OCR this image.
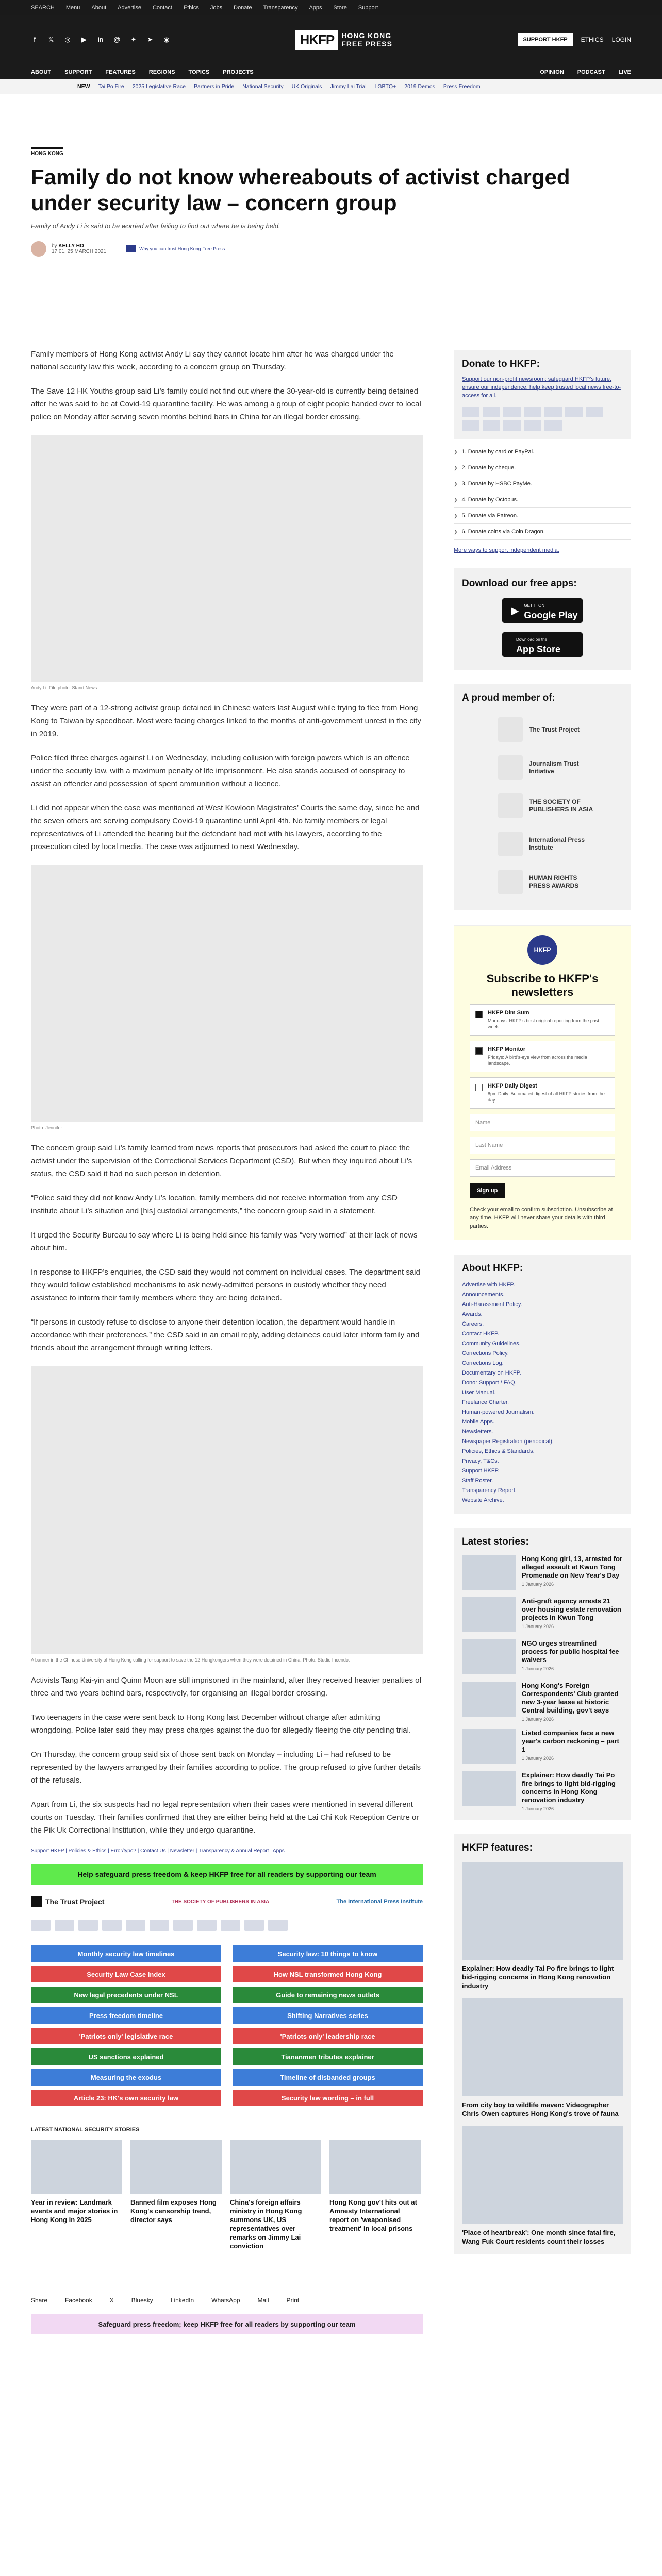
SEARCH Menu About Advertise Contact Ethics Jobs Donate Transparency Apps Store Support
f	𝕏 ◎ ▶ in @ ✦ ➤ ◉	HKFP	HONG KONG
FREE PRESS	SUPPORT HKFP	ETHICS LOGIN
ABOUT SUPPORT FEATURES REGIONS TOPICS PROJECTS	OPINION PODCAST LIVE
NEW Tai Po Fire 2025 Legislative Race Partners in Pride National Security UK Originals Jimmy Lai Trial LGBTQ+ 2019 Demos Press Freedom
HONG KONG
Family do not know whereabouts of activist charged under security law – concern group
Family of Andy Li is said to be worried after failing to find out where he is being held.
by KELLY HO
17:01, 25 MARCH 2021	Why you can trust Hong Kong Free Press

Family members of Hong Kong activist Andy Li say they cannot locate him after he was charged under the national security law this week, according to a concern group on Thursday.

The Save 12 HK Youths group said Li’s family could not find out where the 30-year-old is currently being detained after he was said to be at Covid-19 quarantine facility. He was among a group of eight people handed over to local police on Monday after serving seven months behind bars in China for an illegal border crossing.

Andy Li. File photo: Stand News.

They were part of a 12-strong activist group detained in Chinese waters last August while trying to flee from Hong Kong to Taiwan by speedboat. Most were facing charges linked to the months of anti-government unrest in the city in 2019.

Police filed three charges against Li on Wednesday, including collusion with foreign powers which is an offence under the security law, with a maximum penalty of life imprisonment. He also stands accused of conspiracy to assist an offender and possession of spent ammunition without a licence.

Li did not appear when the case was mentioned at West Kowloon Magistrates’ Courts the same day, since he and the seven others are serving compulsory Covid-19 quarantine until April 4th. No family members or legal representatives of Li attended the hearing but the defendant had met with his lawyers, according to the prosecution cited by local media. The case was adjourned to next Wednesday.

Photo: Jennifer.

The concern group said Li’s family learned from news reports that prosecutors had asked the court to place the activist under the supervision of the Correctional Services Department (CSD). But when they inquired about Li’s status, the CSD said it had no such person in detention.

“Police said they did not know Andy Li’s location, family members did not receive information from any CSD institute about Li’s situation and [his] custodial arrangements,” the concern group said in a statement.

It urged the Security Bureau to say where Li is being held since his family was “very worried” at their lack of news about him.

In response to HKFP’s enquiries, the CSD said they would not comment on individual cases. The department said they would follow established mechanisms to ask newly-admitted persons in custody whether they need assistance to inform their family members where they are being detained.

“If persons in custody refuse to disclose to anyone their detention location, the department would handle in accordance with their preferences,” the CSD said in an email reply, adding detainees could later inform family and friends about the arrangement through writing letters.

A banner in the Chinese University of Hong Kong calling for support to save the 12 Hongkongers when they were detained in China. Photo: Studio Incendo.

Activists Tang Kai-yin and Quinn Moon are still imprisoned in the mainland, after they received heavier penalties of three and two years behind bars, respectively, for organising an illegal border crossing.

Two teenagers in the case were sent back to Hong Kong last December without charge after admitting wrongdoing. Police later said they may press charges against the duo for allegedly fleeing the city pending trial.

On Thursday, the concern group said six of those sent back on Monday – including Li – had refused to be represented by the lawyers arranged by their families according to police. The group refused to give further details of the refusals.

Apart from Li, the six suspects had no legal representation when their cases were mentioned in several different courts on Tuesday. Their families confirmed that they are either being held at the Lai Chi Kok Reception Centre or the Pik Uk Correctional Institution, while they undergo quarantine.

Support HKFP | Policies & Ethics | Error/typo? | Contact Us | Newsletter | Transparency & Annual Report | Apps
Help safeguard press freedom & keep HKFP free for all readers by supporting our team
The Trust Project	THE SOCIETY OF PUBLISHERS IN ASIA	The International Press Institute
Monthly security law timelines	Security law: 10 things to know
Security Law Case Index	How NSL transformed Hong Kong
New legal precedents under NSL	Guide to remaining news outlets
Press freedom timeline	Shifting Narratives series
'Patriots only' legislative race	'Patriots only' leadership race
US sanctions explained	Tiananmen tributes explainer
Measuring the exodus	Timeline of disbanded groups
Article 23: HK's own security law	Security law wording – in full
LATEST NATIONAL SECURITY STORIES
Year in review: Landmark events and major stories in Hong Kong in 2025
Banned film exposes Hong Kong's censorship trend, director says
China's foreign affairs ministry in Hong Kong summons UK, US representatives over remarks on Jimmy Lai conviction
Hong Kong gov't hits out at Amnesty International report on 'weaponised treatment' in local prisons
Share	Facebook	X	Bluesky	LinkedIn	WhatsApp	Mail	Print
Safeguard press freedom; keep HKFP free for all readers by supporting our team
Donate to HKFP:
Support our non-profit newsroom: safeguard HKFP's future, ensure our independence, help keep trusted local news free-to-access for all.
❯ 1. Donate by card or PayPal.
❯ 2. Donate by cheque.
❯ 3. Donate by HSBC PayMe.
❯ 4. Donate by Octopus.
❯ 5. Donate via Patreon.
❯ 6. Donate coins via Coin Dragon.
More ways to support independent media.
Download our free apps:
▶ GET IT ON
Google Play
Download on the
App Store
A proud member of:
The Trust Project
Journalism Trust Initiative
THE SOCIETY OF PUBLISHERS IN ASIA
International Press Institute
HUMAN RIGHTS PRESS AWARDS
HKFP
Subscribe to HKFP's newsletters
HKFP Dim Sum
Mondays: HKFP's best original reporting from the past week.
HKFP Monitor
Fridays: A bird's-eye view from across the media landscape.
HKFP Daily Digest
8pm Daily: Automated digest of all HKFP stories from the day.
Name
Last Name
Email Address
Sign up
Check your email to confirm subscription. Unsubscribe at any time. HKFP will never share your details with third parties.
About HKFP:
Advertise with HKFP.
Announcements.
Anti-Harassment Policy.
Awards.
Careers.
Contact HKFP.
Community Guidelines.
Corrections Policy.
Corrections Log.
Documentary on HKFP.
Donor Support / FAQ.
User Manual.
Freelance Charter.
Human-powered Journalism.
Mobile Apps.
Newsletters.
Newspaper Registration (periodical).
Policies, Ethics & Standards.
Privacy, T&Cs.
Support HKFP.
Staff Roster.
Transparency Report.
Website Archive.
Latest stories:
Hong Kong girl, 13, arrested for alleged assault at Kwun Tong Promenade on New Year's Day
1 January 2026
Anti-graft agency arrests 21 over housing estate renovation projects in Kwun Tong
1 January 2026
NGO urges streamlined process for public hospital fee waivers
1 January 2026
Hong Kong's Foreign Correspondents' Club granted new 3-year lease at historic Central building, gov't says
1 January 2026
Listed companies face a new year's carbon reckoning – part 1
1 January 2026
Explainer: How deadly Tai Po fire brings to light bid-rigging concerns in Hong Kong renovation industry
1 January 2026
HKFP features:
Explainer: How deadly Tai Po fire brings to light bid-rigging concerns in Hong Kong renovation industry
From city boy to wildlife maven: Videographer Chris Owen captures Hong Kong's trove of fauna
'Place of heartbreak': One month since fatal fire, Wang Fuk Court residents count their losses
